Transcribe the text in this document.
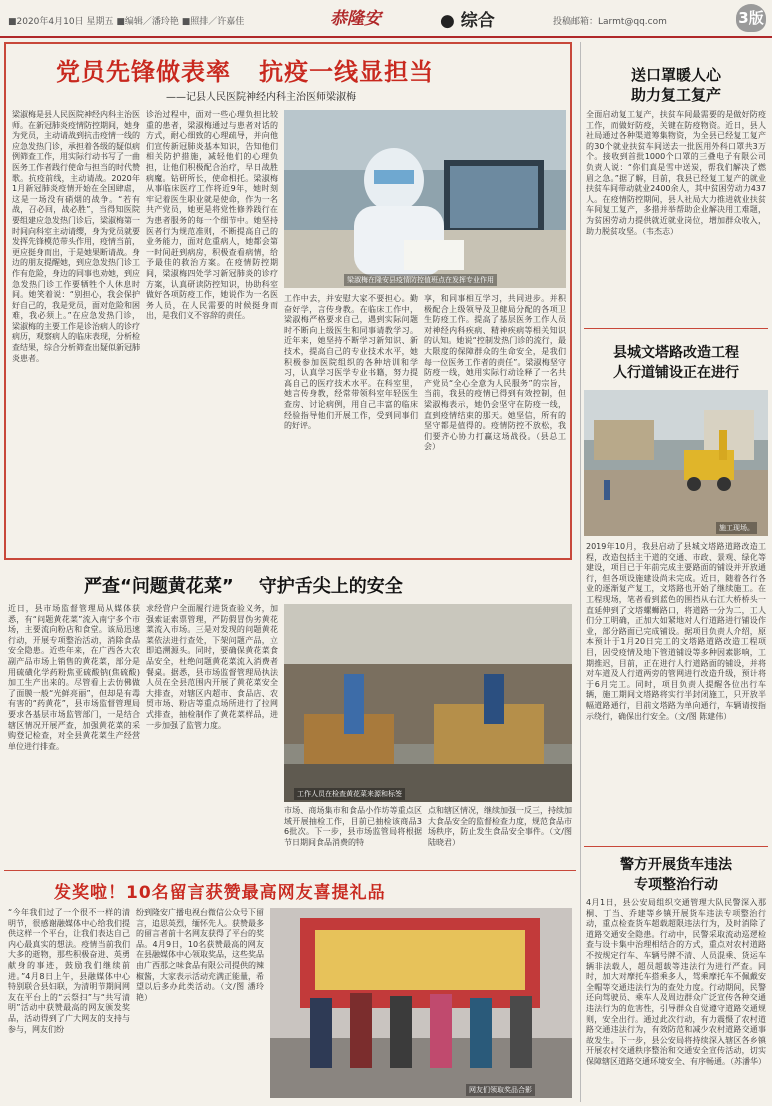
■2020年4月10日 星期五 ■编辑／潘玲艳 ■照排／许嘉佳	恭隆安	● 综合	投稿邮箱：Larmt@qq.com	3版
党员先锋做表率 抗疫一线显担当
——记县人民医院神经内科主治医师梁淑梅
梁淑梅是县人民医院神经内科主治医师。在新冠肺炎疫情防控期间，她身为党员，主动请战到抗击疫情一线的应急发热门诊，承担着各级的疑似病例筛查工作，用实际行动书写了一曲医务工作者践行使命与担当的时代赞歌。抗疫前线，主动请战。2020年1月新冠肺炎疫情开始在全国肆虐，这是一场没有硝烟的战争。“若有战，召必回，战必胜”，当得知医院要组建应急发热门诊后，梁淑梅第一时间向科室主动请缨，身为党员就要发挥先锋模范带头作用，疫情当前，更应挺身而出，于是她果断请战。身边的朋友提醒她，到应急发热门诊工作有危险，身边的同事也劝她，到应急发热门诊工作要牺牲个人休息时间。她笑着说：“别担心，我会保护好自己的，我是党员，面对危险和困难，我必须上。”在应急发热门诊，梁淑梅的主要工作是诊治病人的诊疗病历，观察病人的临床表现，分析检查结果，综合分析筛查出疑似新冠肺炎患者。
诊治过程中，面对一些心理负担比较重的患者，梁淑梅通过与患者对话的方式，耐心细致的心理疏导，并向他们宣传新冠肺炎基本知识，告知他们相关防护措施，减轻他们的心理负担，让他们积极配合治疗，早日战胜病魔。钻研所长，使命相托。梁淑梅从事临床医疗工作将近9年，她时刻牢记着医生职业就是使命，作为一名共产党员，她更是将党性修养践行在为患者服务的每一个细节中。她坚持医者行为规范准则，不断提高自己的业务能力，面对危重病人，她都会第一时间赶到病房，积极查看病情，给予最佳的救治方案。在疫情防控期间，梁淑梅四处学习新冠肺炎的诊疗方案，认真研读防控知识，协助科室做好各项防疫工作，她说作为一名医务人员，在人民需要的时候挺身而出，是我们义不容辞的责任。
梁淑梅在隆安县疫情防控值班点在发挥专业作用
工作中去，并安慰大家不要担心。勤奋好学，言传身教。在临床工作中，梁淑梅严格要求自己，遇到实际问题时不断向上级医生和同事请教学习。近年来，她坚持不断学习新知识、新技术，提高自己的专业技术水平，她积极参加医院组织的各种培训和学习，认真学习医学专业书籍，努力提高自己的医疗技术水平。在科室里，她言传身教，经常带领科室年轻医生查房、讨论病例，用自己丰富的临床经验指导他们开展工作，受到同事们的好评。
享，和同事相互学习，共同进步。并积极配合上级领导及卫健局分配的各项卫生防疫工作。提高了基层医务工作人员对神经内科疾病、精神疾病等相关知识的认知。她说“控制发热门诊的流行，最大限度的保障群众的生命安全，是我们每一位医务工作者的责任”。梁淑梅坚守防疫一线，她用实际行动诠释了一名共产党员“全心全意为人民服务”的宗旨，当前，我县的疫情已得到有效控制，但梁淑梅表示，她仍会坚守在防疫一线，直到疫情结束的那天。她坚信，所有的坚守都是值得的。疫情防控不放松，我们要齐心协力打赢这场战役。（县总工会）
送口罩暖人心
助力复工复产
全面启动复工复产，扶贫车间最需要的是做好防疫工作，而做好防疫，关键在防疫物资。近日，县人社局通过各种渠道筹集物资，为全县已经复工复产的30个就业扶贫车间送去一批医用外科口罩共3万个。接收到首批1000个口罩的三叠电子有限公司负责人说：“你们真是雪中送炭，帮我们解决了燃眉之急。”据了解，目前，我县已经复工复产的就业扶贫车间带动就业2400余人，其中贫困劳动力437人。在疫情防控期间，县人社局大力推进就业扶贫车间复工复产，多措并举帮助企业解决用工难题，为贫困劳动力提供就近就业岗位，增加群众收入，助力脱贫攻坚。（韦杰志）
县城文塔路改造工程
人行道铺设正在进行
施工现场。
2019年10月，我县启动了县城文塔路道路改造工程，改造包括主干道的交通、市政、景观、绿化等建设，项目已于年前完成主要路面的铺设并开放通行，但各项设施建设尚未完成。近日，随着各行各业的逐渐复产复工，文塔路也开始了继续施工。在工程现场，笔者看到蓝色的围挡从右江大桥桥头一直延伸到了文塔螺蛳路口，将道路一分为二，工人们分工明确，正加大如紧地对人行道路进行铺设作业，部分路面已完成铺设。据项目负责人介绍，原本预计于1月20日完工的文塔路道路改造工程项目，因受疫情及地下管道铺设等多种因素影响，工期推迟，目前，正在进行人行道路面的铺设，并将对车道及人行道两旁的管网进行改造升级，预计将于6月完工。同时，项目负责人提醒各位出行车辆，施工期间文塔路将实行半封闭施工，只开放半幅道路通行，目前文塔路为单向通行，车辆请按指示绕行，确保出行安全。（文/图 陈建伟）
警方开展货车违法
专项整治行动
4月1日，县公安局组织交通管理大队民警深入那桐、丁当、乔建等乡镇开展货车违法专项整治行动，重点检查货车超载超限违法行为，及时消除了道路交通安全隐患。行动中，民警采取流动巡逻检查与设卡集中治理相结合的方式，重点对农村道路不按规定行车、车辆号牌不清、人员混乘、货运车辆非法载人，超员超载等违法行为进行严查。同时，加大对摩托车搭乘多人，驾乘摩托车不佩戴安全帽等交通违法行为的查处力度。行动期间，民警还向驾驶员、乘车人及周边群众广泛宣传各种交通违法行为的危害性，引导群众自觉遵守道路交通规则，安全出行。通过此次行动，有力震慑了农村道路交通违法行为，有效防范和减少农村道路交通事故发生。下一步，县公安局将持续深入辖区各乡镇开展农村交通秩序整治和交通安全宣传活动，切实保障辖区道路交通环境安全、有序畅通。（苏潘华）
严查“问题黄花菜” 守护舌尖上的安全
近日，县市场监督管理局从媒体获悉，有“问题黄花菜”流入南宁多个市场，主要流向粉店和食堂。该局迅速行动，开展专项整治活动，消除食品安全隐患。近些年来，在广西各大农副产品市场上销售的黄花菜，部分是用硫磺化学药粉焦亚硫酸钠(焦硫酸)加工生产出来的。尽管看上去仿佛做了面膜一般“光鲜亮丽”，但却是有毒有害的“药黄花”，县市场监督管理局要求各基层市场监管部门，一是结合辖区情况开展严查，加强黄花菜的采购登记检查，对全县黄花菜生产经营单位进行排查。
求经营户全面履行进货查验义务，加强索证索票管理，严防假冒伪劣黄花菜流入市场。三是对发现的问题黄花菜依法进行查处，下架问题产品，立即追溯源头。同时，要确保黄花菜食品安全，杜绝问题黄花菜流入消费者餐桌。据悉，县市场监督管理局执法人员在全县范围内开展了黄花菜安全大排查，对辖区内超市、食品店、农贸市场、粉店等重点场所进行了拉网式排查，抽检制作了黄花菜样品，进一步加强了监管力度。
工作人员在检查黄花菜来源和标签
市场、商场集市和食品小作坊等重点区域开展抽检工作，目前已抽检该商品36批次。下一步，县市场监管局将根据节日期间食品消费的特
点和辖区情况，继续加强一反三，持续加大食品安全的监督检查力度，规范食品市场秩序，防止发生食品安全事件。（文/图 陆晓君）
发奖啦！10名留言获赞最高网友喜提礼品
“今年我们过了一个很不一样的清明节，很感谢融媒体中心给我们提供这样一个平台，让我们表达自己内心最真实的想法。疫情当前我们大多的逝物，那些积极奋进、英勇献身的事迹，鼓励我们继续前进。”4月8日上午，县融媒体中心特别联合县妇联，为清明节期间网友在平台上的“云祭扫”与“共写清明”活动中获赞最高的网友颁发奖品，活动得到了广大网友的支持与参与，网友们纷
纷到隆安广播电视台微信公众号下留言，追思英烈，缅怀先人。获赞最多的留言者前十名网友获得了平台的奖品。4月9日，10名获赞最高的网友在县融媒体中心领取奖品，这些奖品由广西那之味食品有限公司提供的辣椒酱，大家表示活动充满正能量，希望以后多办此类活动。（文/图 潘玲艳）
网友们领取奖品合影
